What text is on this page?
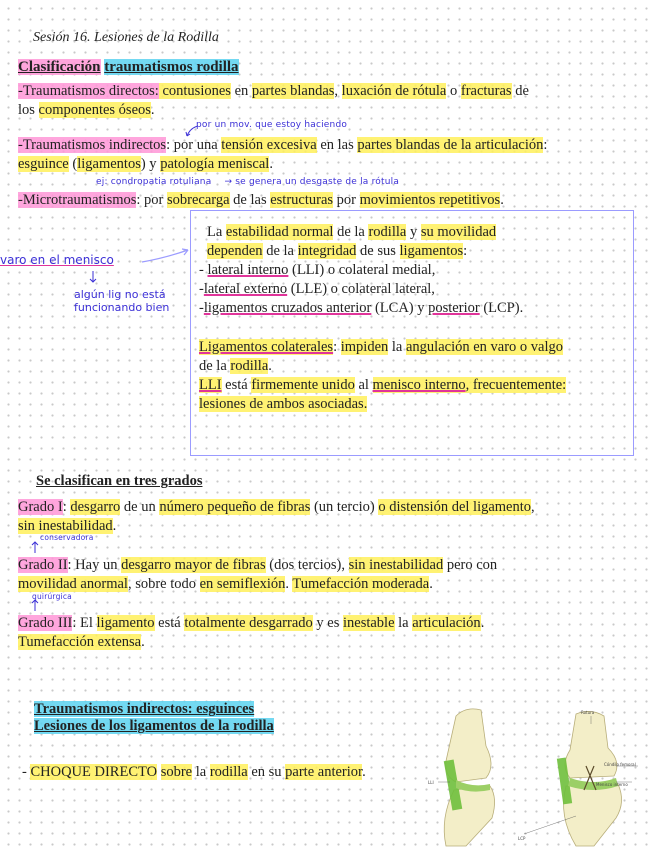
Sesión 16. Lesiones de la Rodilla
Clasificación traumatismos rodilla
-Traumatismos directos: contusiones en partes blandas, luxación de rótula o fracturas de
los componentes óseos.
por un mov. que estoy haciendo
-Traumatismos indirectos: por una tensión excesiva en las partes blandas de la articulación:
esguince (ligamentos) y patología meniscal.
ej: condropatia rotuliana → se genera un desgaste de la rótula
-Microtraumatismos: por sobrecarga de las estructuras por movimientos repetitivos.
varo en el menisco
algún lig no está funcionando bien
La estabilidad normal de la rodilla y su movilidad
dependen de la integridad de sus ligamentos:
- lateral interno (LLI) o colateral medial,
-lateral externo (LLE) o colateral lateral,
-ligamentos cruzados anterior (LCA) y posterior (LCP).
Ligamentos colaterales: impiden la angulación en varo o valgo
de la rodilla.
LLI está firmemente unido al menisco interno, frecuentemente:
lesiones de ambos asociadas.
Se clasifican en tres grados
Grado I: desgarro de un número pequeño de fibras (un tercio) o distensión del ligamento,
sin inestabilidad.
conservadora
Grado II: Hay un desgarro mayor de fibras (dos tercios), sin inestabilidad pero con
movilidad anormal, sobre todo en semiflexión. Tumefacción moderada.
quirúrgica
Grado III: El ligamento está totalmente desgarrado y es inestable la articulación.
Tumefacción extensa.
Traumatismos indirectos: esguinces
Lesiones de los ligamentos de la rodilla
- CHOQUE DIRECTO sobre la rodilla en su parte anterior.
Rotura
Cóndilo femoral
Menisco interno
LLI
LCP
